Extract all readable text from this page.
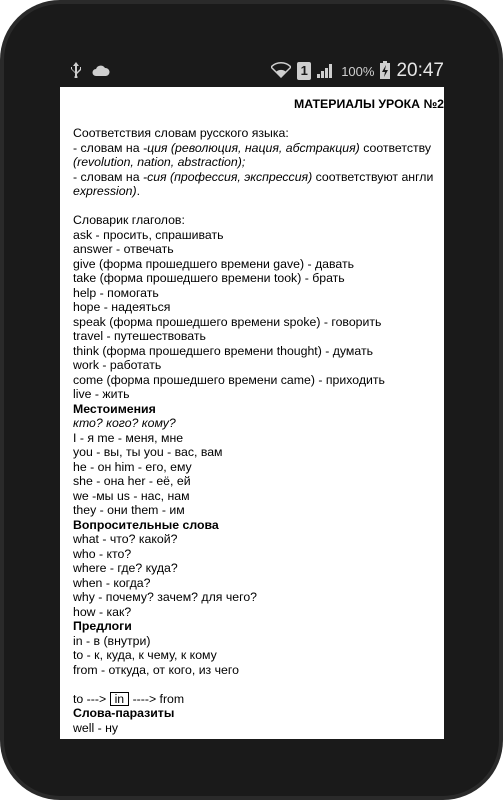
1	100% 20:47
МАТЕРИАЛЫ УРОКА №2
Соответствия словам русского языка:
- словам на -ция (революция, нация, абстракция) соответству
(revolution, nation, abstraction);
- словам на -сия (профессия, экспрессия) соответствуют англи
expression).
Словарик глаголов:
ask - просить, спрашивать
answer - отвечать
give (форма прошедшего времени gave) - давать
take (форма прошедшего времени took) - брать
help - помогать
hope - надеяться
speak (форма прошедшего времени spoke) - говорить
travel - путешествовать
think (форма прошедшего времени thought) - думать
work - работать
come (форма прошедшего времени came) - приходить
live - жить
Местоимения
кто? кого? кому?
I - я me - меня, мне
you - вы, ты you - вас, вам
he - он him - его, ему
she - она her - её, ей
we -мы us - нас, нам
they - они them - им
Вопросительные слова
what - что? какой?
who - кто?
where - где? куда?
when - когда?
why - почему? зачем? для чего?
how - как?
Предлоги
in - в (внутри)
to - к, куда, к чему, к кому
from - откуда, от кого, из чего
to ---> in ----> from
Слова-паразиты
well - ну
